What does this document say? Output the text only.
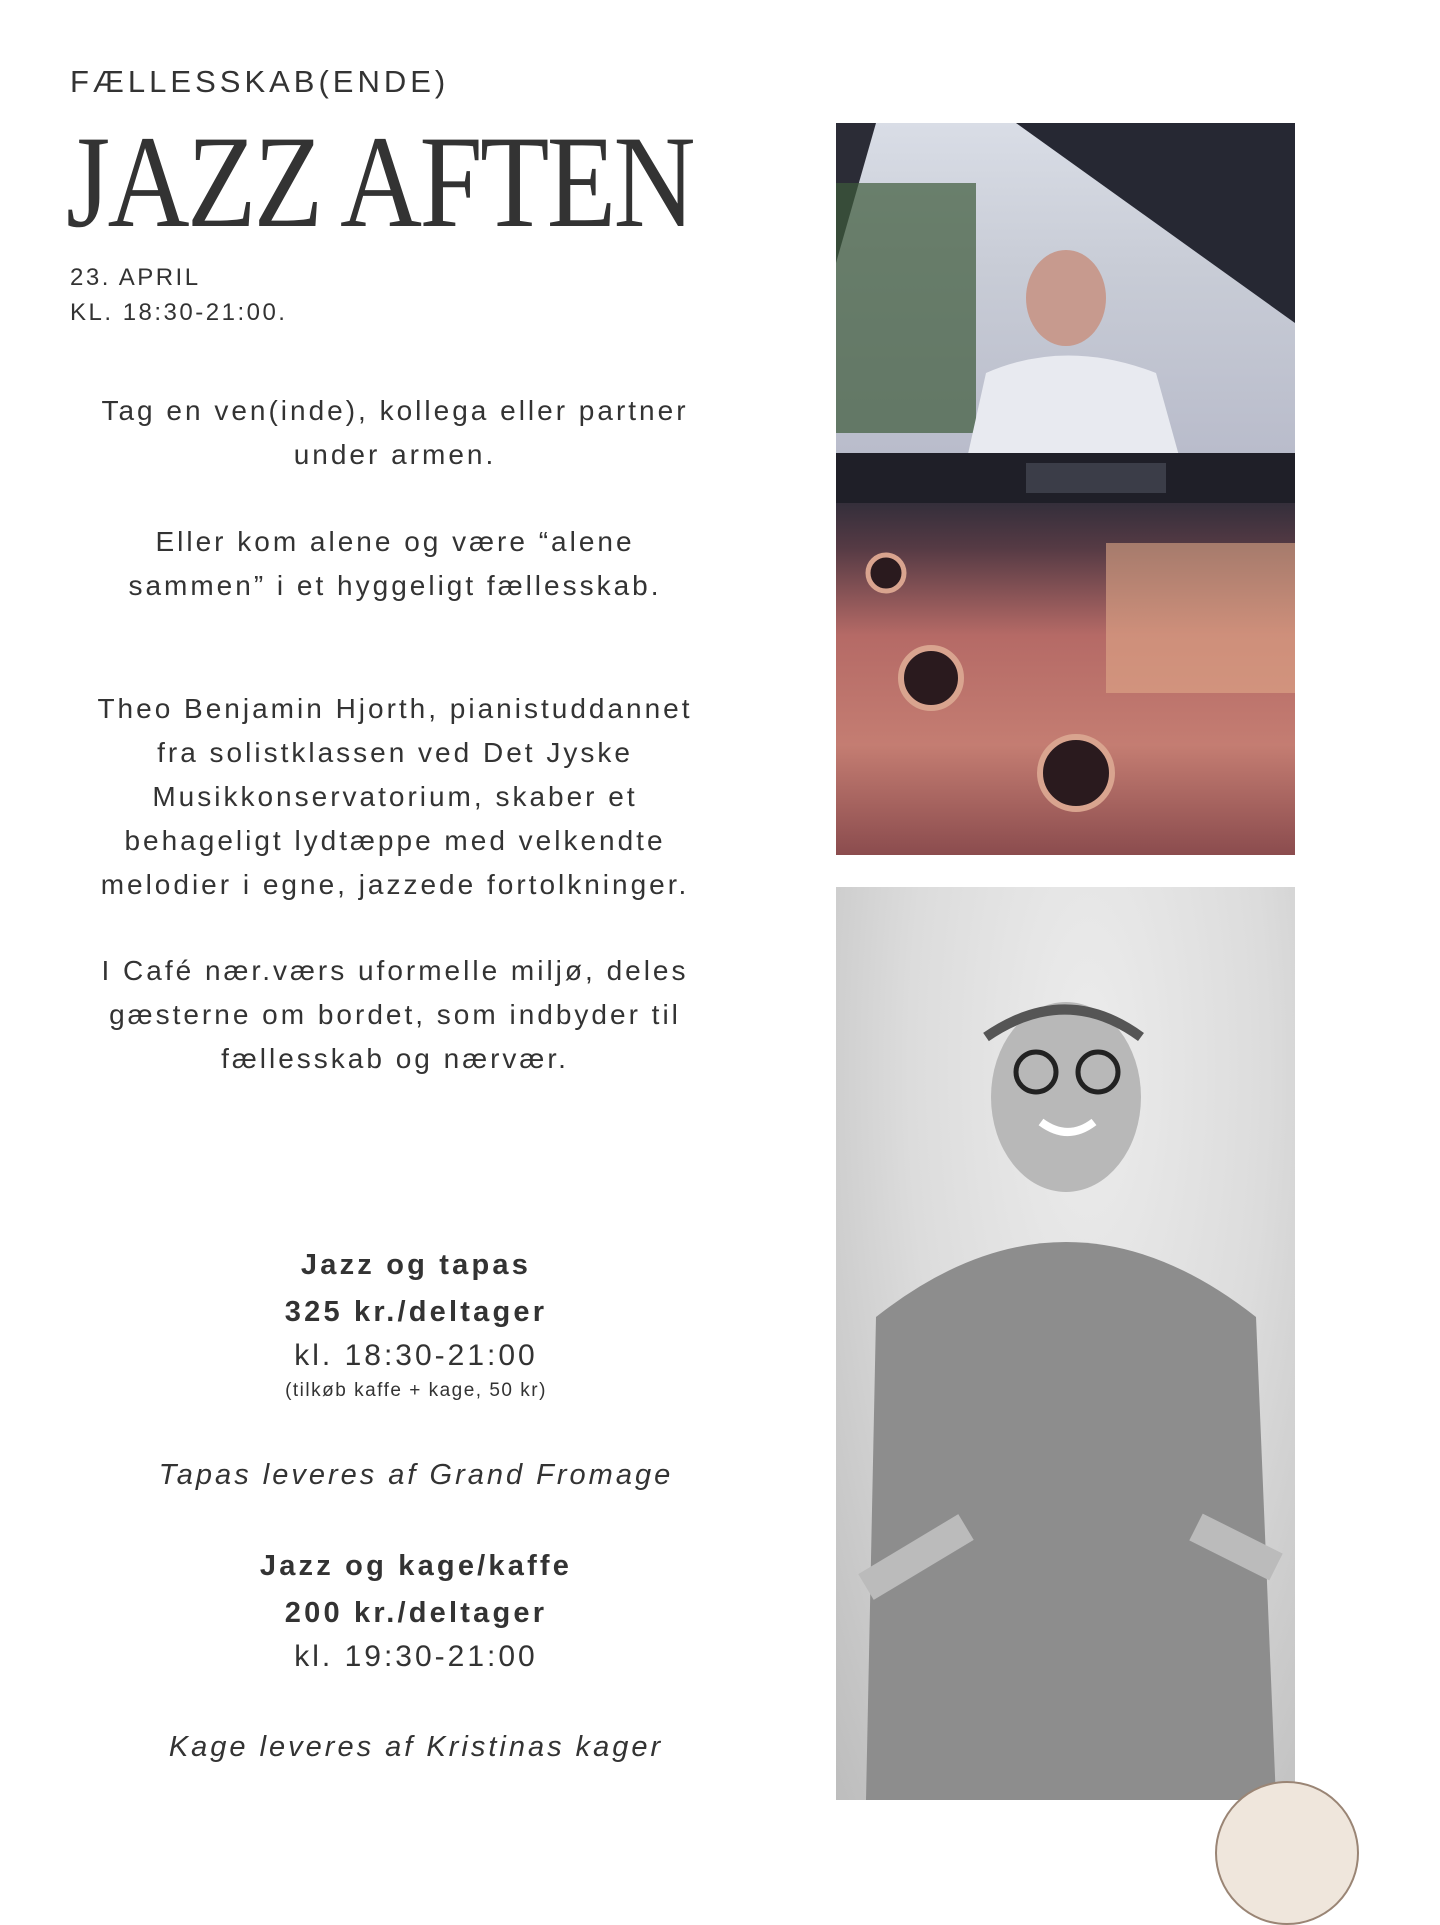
FÆLLESSKAB(ENDE)
JAZZ AFTEN
23. APRIL
KL. 18:30-21:00.
Tag en ven(inde), kollega eller partner
under armen.
Eller kom alene og være “alene
sammen” i et hyggeligt fællesskab.
Theo Benjamin Hjorth, pianistuddannet
fra solistklassen ved Det Jyske
Musikkonservatorium, skaber et
behageligt lydtæppe med velkendte
melodier i egne, jazzede fortolkninger.
I Café nær.værs uformelle miljø, deles
gæsterne om bordet, som indbyder til
fællesskab og nærvær.
Jazz og tapas
325 kr./deltager
kl. 18:30-21:00
(tilkøb kaffe + kage, 50 kr)
Tapas leveres af Grand Fromage
Jazz og kage/kaffe
200 kr./deltager
kl. 19:30-21:00
Kage leveres af Kristinas kager
